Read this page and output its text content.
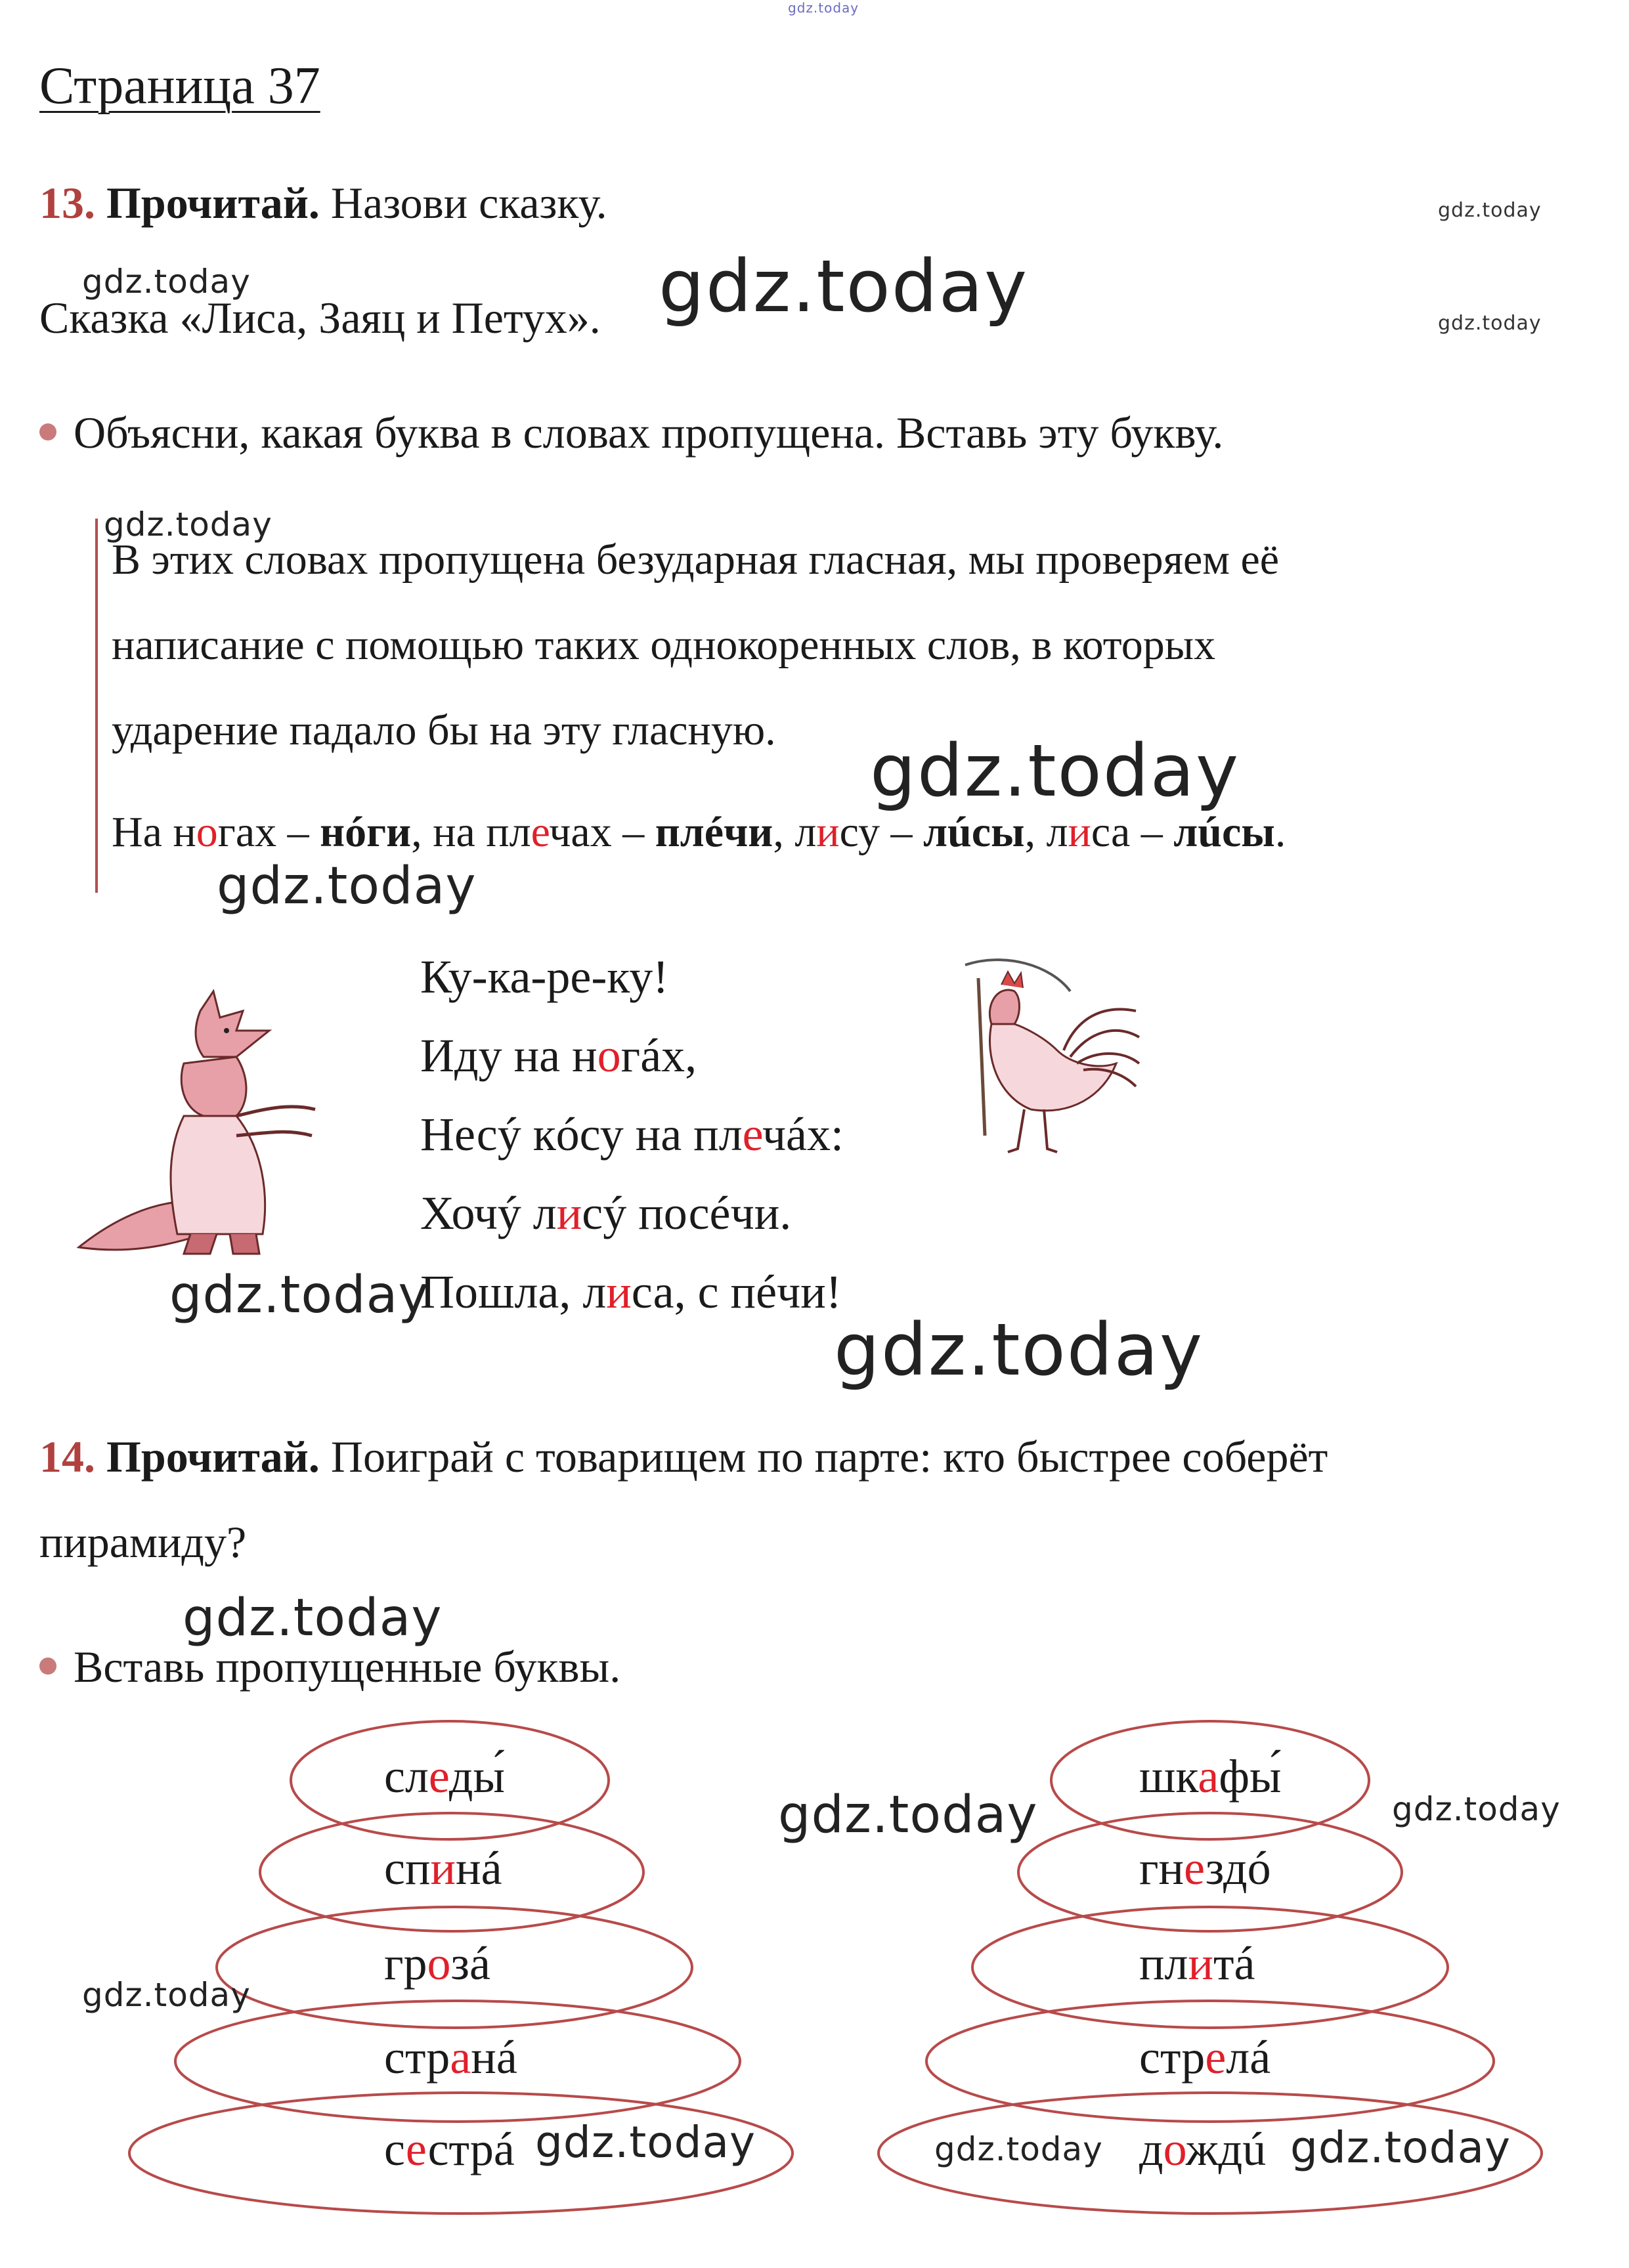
gdz.today
Страница 37
13. Прочитай. Назови сказку.	gdz.today
gdz.today
Сказка «Лиса, Заяц и Петух». gdz.today	gdz.today
Объясни, какая буква в словах пропущена. Вставь эту букву.
gdz.today
В этих словах пропущена безударная гласная, мы проверяем её
написание с помощью таких однокоренных слов, в которых
ударение падало бы на эту гласную. gdz.today
На ногах – нóги, на плечах – плéчи, лису – лúсы, лиса – лúсы.
gdz.today
Ку-ка-ре-ку!
Иду на ногáх,
Несý кóсу на плечáх:
Хочý лисý посéчи.
Пошла, лиса, с пéчи!
gdz.today
gdz.today
14. Прочитай. Поиграй с товарищем по парте: кто быстрее соберёт
пирамиду?
gdz.today
Вставь пропущенные буквы.
следы́
спинá
грозá
странá
сестрá
шкафы́
гнездó
плитá
стрелá
дождú
gdz.today	gdz.today
gdz.today
gdz.today	gdz.today	gdz.today
